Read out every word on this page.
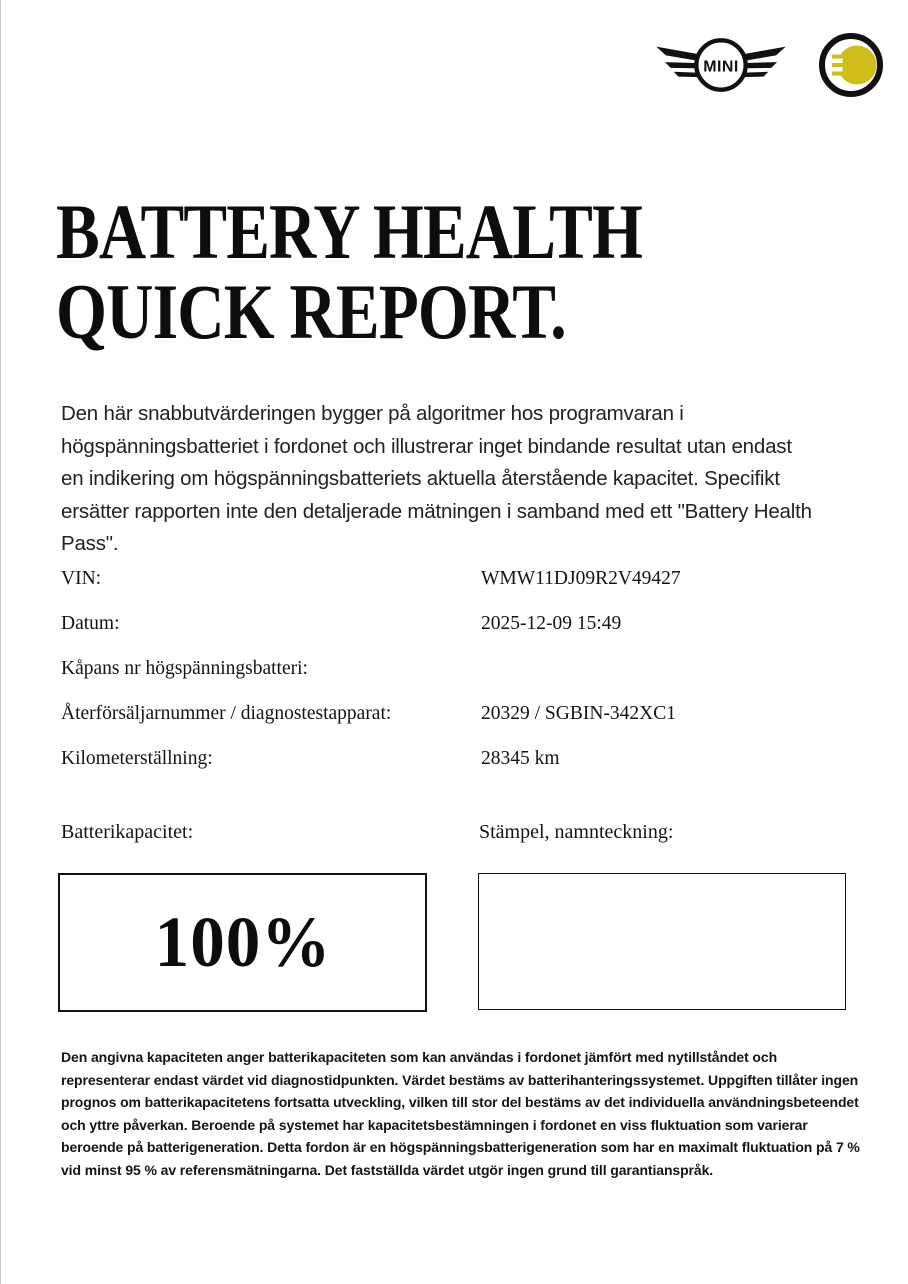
MINI
BATTERY HEALTH
QUICK REPORT.

Den här snabbutvärderingen bygger på algoritmer hos programvaran i högspänningsbatteriet i fordonet och illustrerar inget bindande resultat utan endast en indikering om högspänningsbatteriets aktuella återstående kapacitet. Specifikt ersätter rapporten inte den detaljerade mätningen i samband med ett "Battery Health Pass".

VIN:	WMW11DJ09R2V49427
Datum:	2025-12-09 15:49
Kåpans nr högspänningsbatteri:
Återförsäljarnummer / diagnostestapparat:	20329 / SGBIN-342XC1
Kilometerställning:	28345 km
Batterikapacitet:	Stämpel, namnteckning:
100%

Den angivna kapaciteten anger batterikapaciteten som kan användas i fordonet jämfört med nytillståndet och representerar endast värdet vid diagnostidpunkten. Värdet bestäms av batterihanteringssystemet. Uppgiften tillåter ingen prognos om batterikapacitetens fortsatta utveckling, vilken till stor del bestäms av det individuella användningsbeteendet och yttre påverkan. Beroende på systemet har kapacitetsbestämningen i fordonet en viss fluktuation som varierar beroende på batterigeneration. Detta fordon är en högspänningsbatterigeneration som har en maximalt fluktuation på 7 % vid minst 95 % av referensmätningarna. Det fastställda värdet utgör ingen grund till garantianspråk.
